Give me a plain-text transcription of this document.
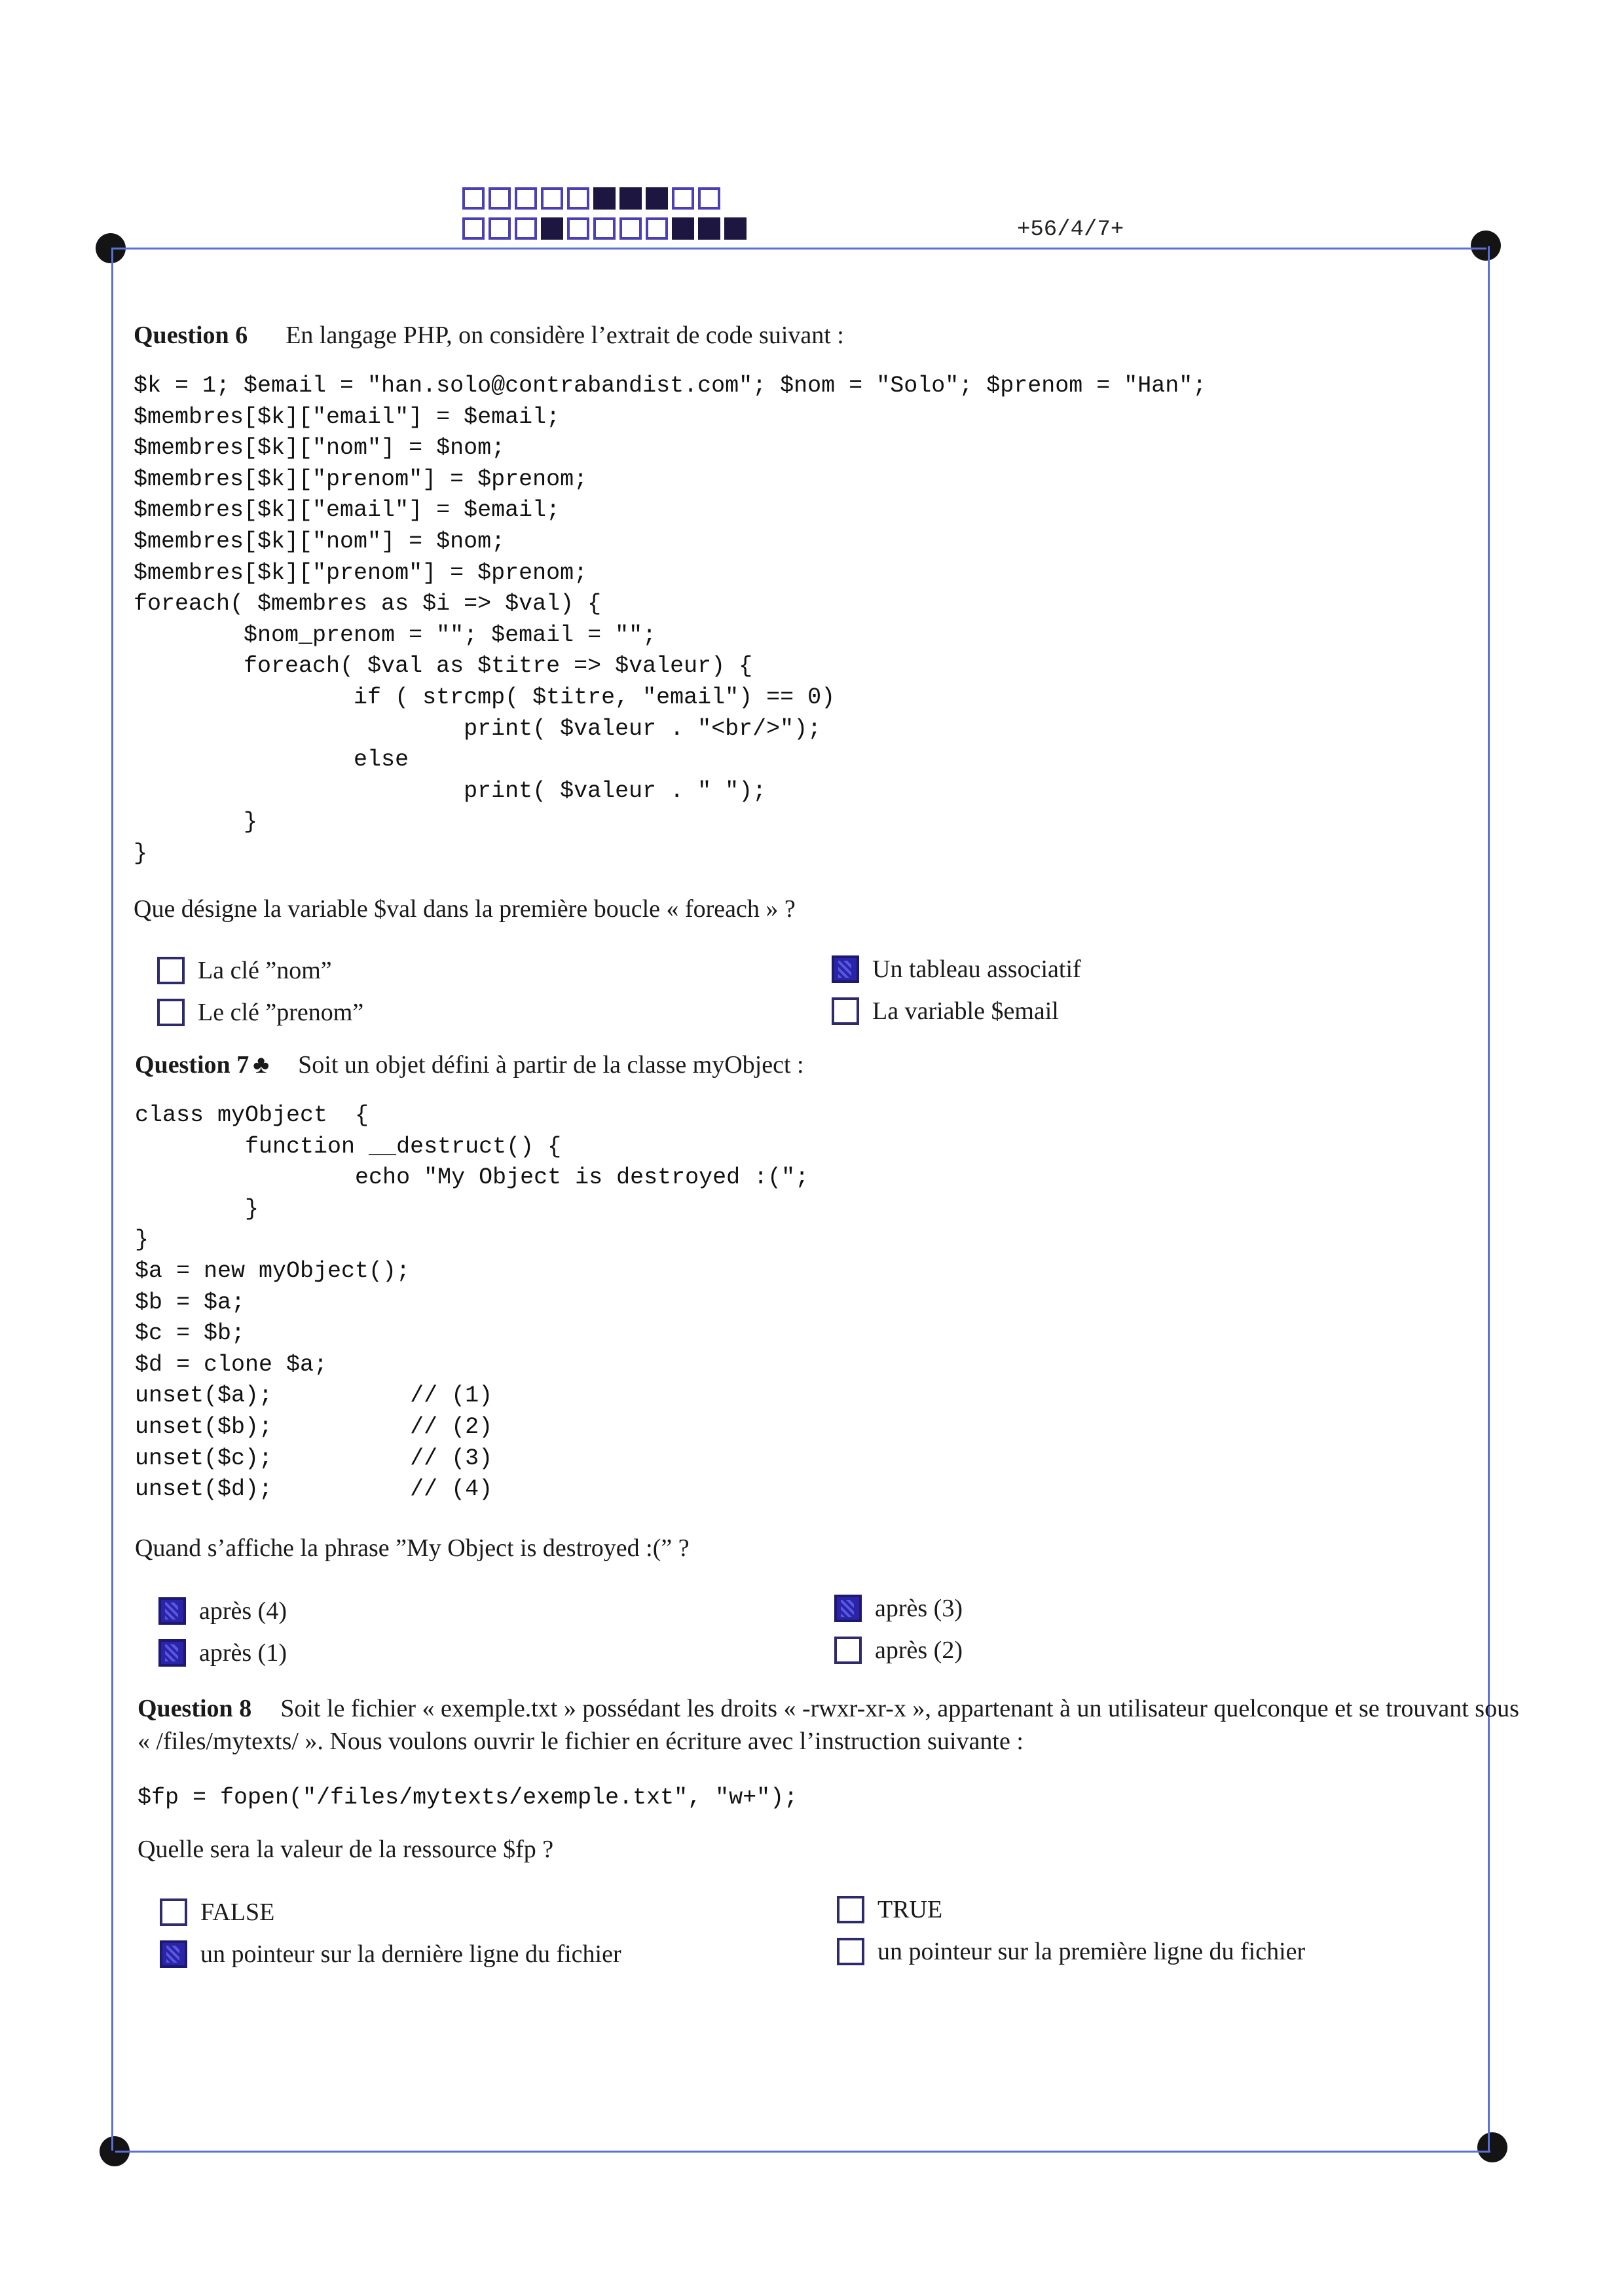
+56/4/7+
Question 6 En langage PHP, on considère l’extrait de code suivant :
$k = 1; $email = "han.solo@contrabandist.com"; $nom = "Solo"; $prenom = "Han";
$membres[$k]["email"] = $email;
$membres[$k]["nom"] = $nom;
$membres[$k]["prenom"] = $prenom;
$membres[$k]["email"] = $email;
$membres[$k]["nom"] = $nom;
$membres[$k]["prenom"] = $prenom;
foreach( $membres as $i => $val) {
$nom_prenom = ""; $email = "";
foreach( $val as $titre => $valeur) {
if ( strcmp( $titre, "email") == 0)
print( $valeur . "<br/>");
else
print( $valeur . " ");
}
}
Que désigne la variable $val dans la première boucle « foreach » ?
La clé ”nom”	Un tableau associatif
Le clé ”prenom”	La variable $email
Question 7 ♣ Soit un objet défini à partir de la classe myObject :
class myObject  {
function __destruct() {
echo "My Object is destroyed :(";
}
}
$a = new myObject();
$b = $a;
$c = $b;
$d = clone $a;
unset($a);          // (1)
unset($b);          // (2)
unset($c);          // (3)
unset($d);          // (4)
Quand s’affiche la phrase ”My Object is destroyed :(” ?
après (4)	après (3)
après (1)	après (2)
Question 8 Soit le fichier « exemple.txt » possédant les droits « -rwxr-xr-x », appartenant à un utilisateur quelconque et se trouvant sous « /files/mytexts/ ». Nous voulons ouvrir le fichier en écriture avec l’instruction suivante :
$fp = fopen("/files/mytexts/exemple.txt", "w+");
Quelle sera la valeur de la ressource $fp ?
FALSE	TRUE
un pointeur sur la dernière ligne du fichier	un pointeur sur la première ligne du fichier
